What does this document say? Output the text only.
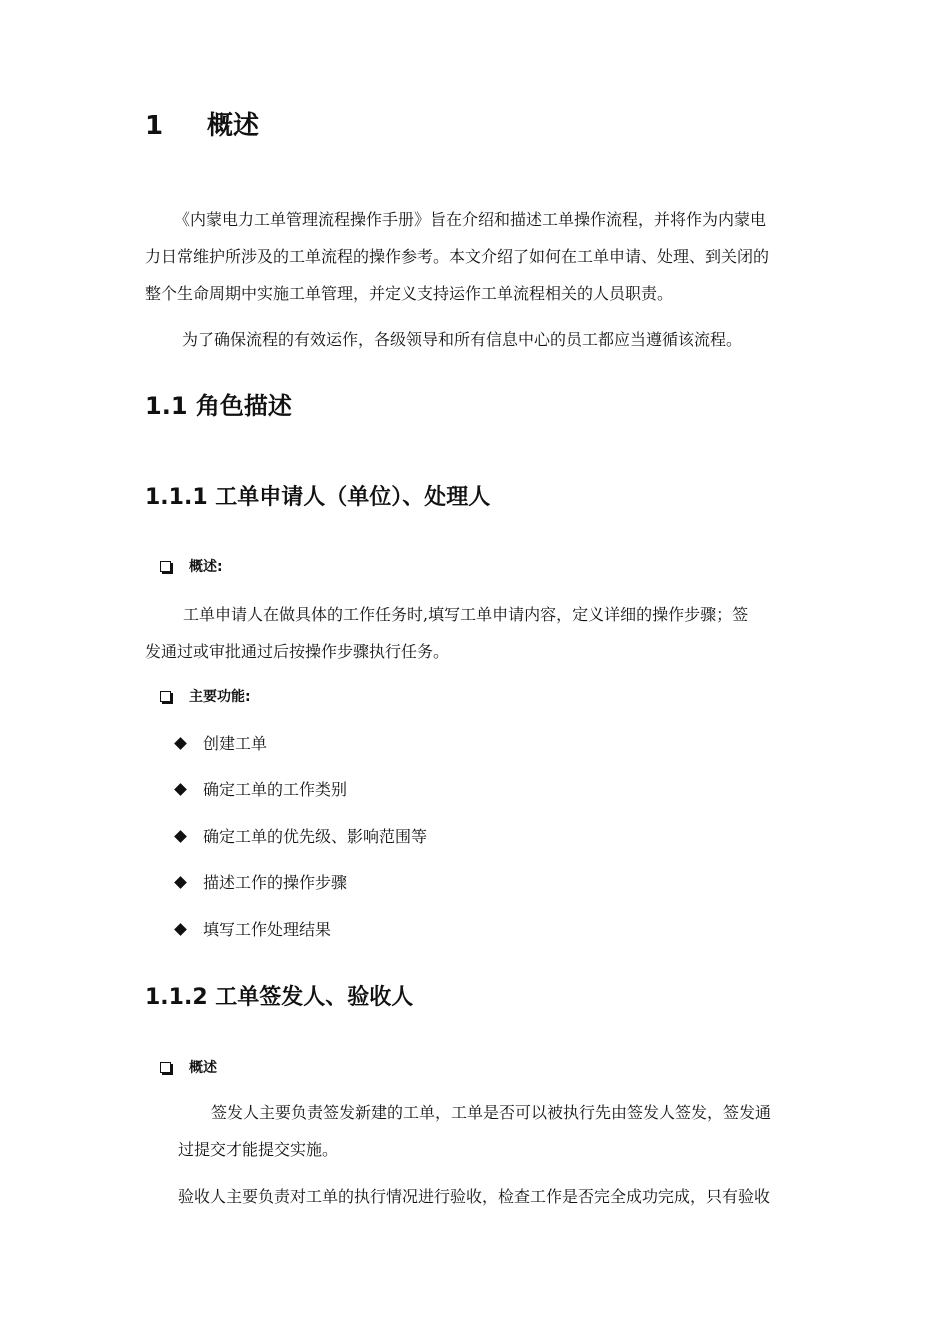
1 概述
《内蒙电力工单管理流程操作手册》旨在介绍和描述工单操作流程，并将作为内蒙电
力日常维护所涉及的工单流程的操作参考。本文介绍了如何在工单申请、处理、到关闭的
整个生命周期中实施工单管理，并定义支持运作工单流程相关的人员职责。
为了确保流程的有效运作，各级领导和所有信息中心的员工都应当遵循该流程。
1.1 角色描述
1.1.1 工单申请人（单位）、处理人
概述:
工单申请人在做具体的工作任务时,填写工单申请内容，定义详细的操作步骤；签
发通过或审批通过后按操作步骤执行任务。
主要功能:
创建工单
确定工单的工作类别
确定工单的优先级、影响范围等
描述工作的操作步骤
填写工作处理结果
1.1.2 工单签发人、验收人
概述
签发人主要负责签发新建的工单，工单是否可以被执行先由签发人签发，签发通
过提交才能提交实施。
验收人主要负责对工单的执行情况进行验收，检查工作是否完全成功完成，只有验收
